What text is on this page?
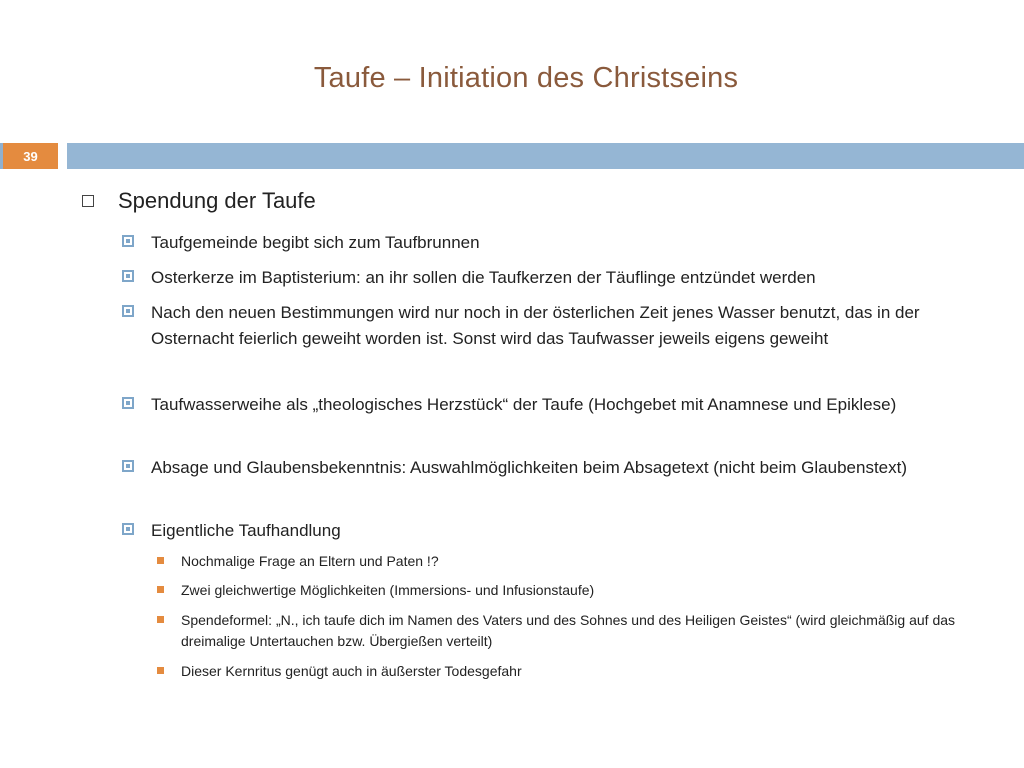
Taufe – Initiation des Christseins
39
Spendung der Taufe
Taufgemeinde begibt sich zum Taufbrunnen
Osterkerze im Baptisterium: an ihr sollen die Taufkerzen der Täuflinge entzündet werden
Nach den neuen Bestimmungen wird nur noch in der österlichen Zeit jenes Wasser benutzt, das in der Osternacht feierlich geweiht worden ist. Sonst wird das Taufwasser jeweils eigens geweiht
Taufwasserweihe als „theologisches Herzstück“ der Taufe (Hochgebet mit Anamnese und Epiklese)
Absage und Glaubensbekenntnis: Auswahlmöglichkeiten beim Absagetext (nicht beim Glaubenstext)
Eigentliche Taufhandlung
Nochmalige Frage an Eltern und Paten !?
Zwei gleichwertige Möglichkeiten (Immersions- und Infusionstaufe)
Spendeformel: „N., ich taufe dich im Namen des Vaters und des Sohnes und des Heiligen Geistes“ (wird gleichmäßig auf das dreimalige Untertauchen bzw. Übergießen verteilt)
Dieser Kernritus genügt auch in äußerster Todesgefahr
